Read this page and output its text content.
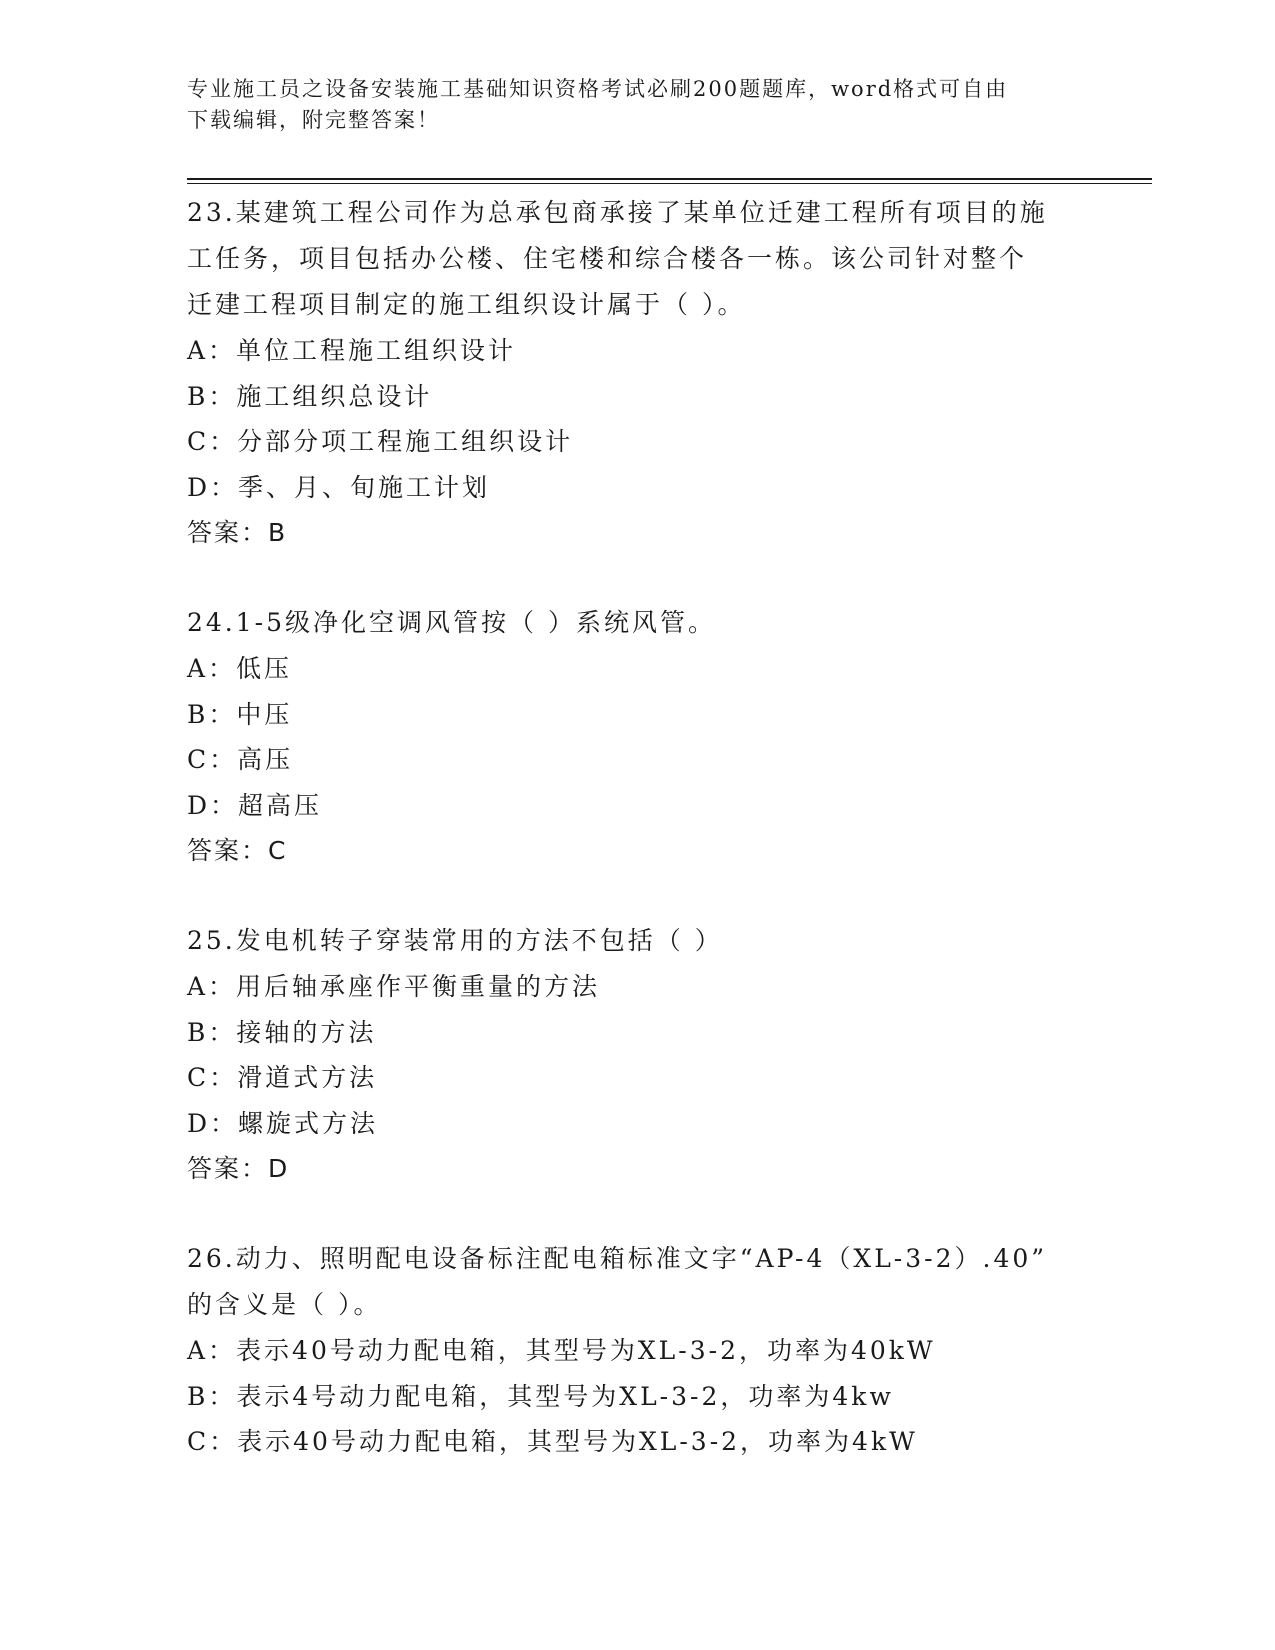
专业施工员之设备安装施工基础知识资格考试必刷200题题库，word格式可自由
下载编辑，附完整答案！
23.某建筑工程公司作为总承包商承接了某单位迁建工程所有项目的施
工任务，项目包括办公楼、住宅楼和综合楼各一栋。该公司针对整个
迁建工程项目制定的施工组织设计属于（ ）。
A：单位工程施工组织设计
B：施工组织总设计
C：分部分项工程施工组织设计
D：季、月、旬施工计划
答案：B
24.1-5级净化空调风管按（ ）系统风管。
A：低压
B：中压
C：高压
D：超高压
答案：C
25.发电机转子穿装常用的方法不包括（ ）
A：用后轴承座作平衡重量的方法
B：接轴的方法
C：滑道式方法
D：螺旋式方法
答案：D
26.动力、照明配电设备标注配电箱标准文字“AP-4（XL-3-2）.40”
的含义是（ ）。
A：表示40号动力配电箱，其型号为XL-3-2，功率为40kW
B：表示4号动力配电箱，其型号为XL-3-2，功率为4kw
C：表示40号动力配电箱，其型号为XL-3-2，功率为4kW
